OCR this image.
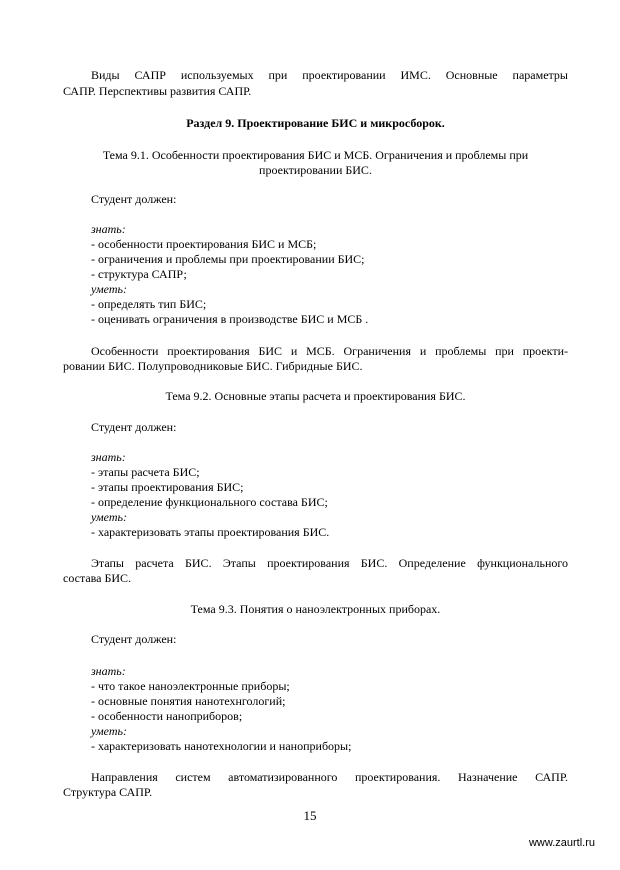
Виды САПР используемых при проектировании ИМС. Основные параметры

САПР. Перспективы развития САПР.

Раздел 9. Проектирование БИС и микросборок.

Тема 9.1. Особенности проектирования БИС и МСБ. Ограничения и проблемы при
проектировании БИС.

Студент должен:

знать:
- особенности проектирования БИС и МСБ;
- ограничения и проблемы при проектировании БИС;
- структура САПР;
уметь:
- определять тип БИС;
- оценивать ограничения в производстве БИС и МСБ .

Особенности проектирования БИС и МСБ. Ограничения и проблемы при проекти-

ровании БИС. Полупроводниковые БИС. Гибридные БИС.

Тема 9.2. Основные этапы расчета и проектирования БИС.

Студент должен:

знать:
- этапы расчета БИС;
- этапы проектирования БИС;
- определение функционального состава БИС;
уметь:
- характеризовать этапы проектирования БИС.

Этапы расчета БИС. Этапы проектирования БИС. Определение функционального

состава БИС.

Тема 9.3. Понятия о наноэлектронных приборах.

Студент должен:

знать:
- что такое наноэлектронные приборы;
- основные понятия нанотехнгологий;
- особенности наноприборов;
уметь:
- характеризовать нанотехнологии и наноприборы;

Направления систем автоматизированного проектирования. Назначение САПР.

Структура САПР.

15
www.zaurtl.ru
